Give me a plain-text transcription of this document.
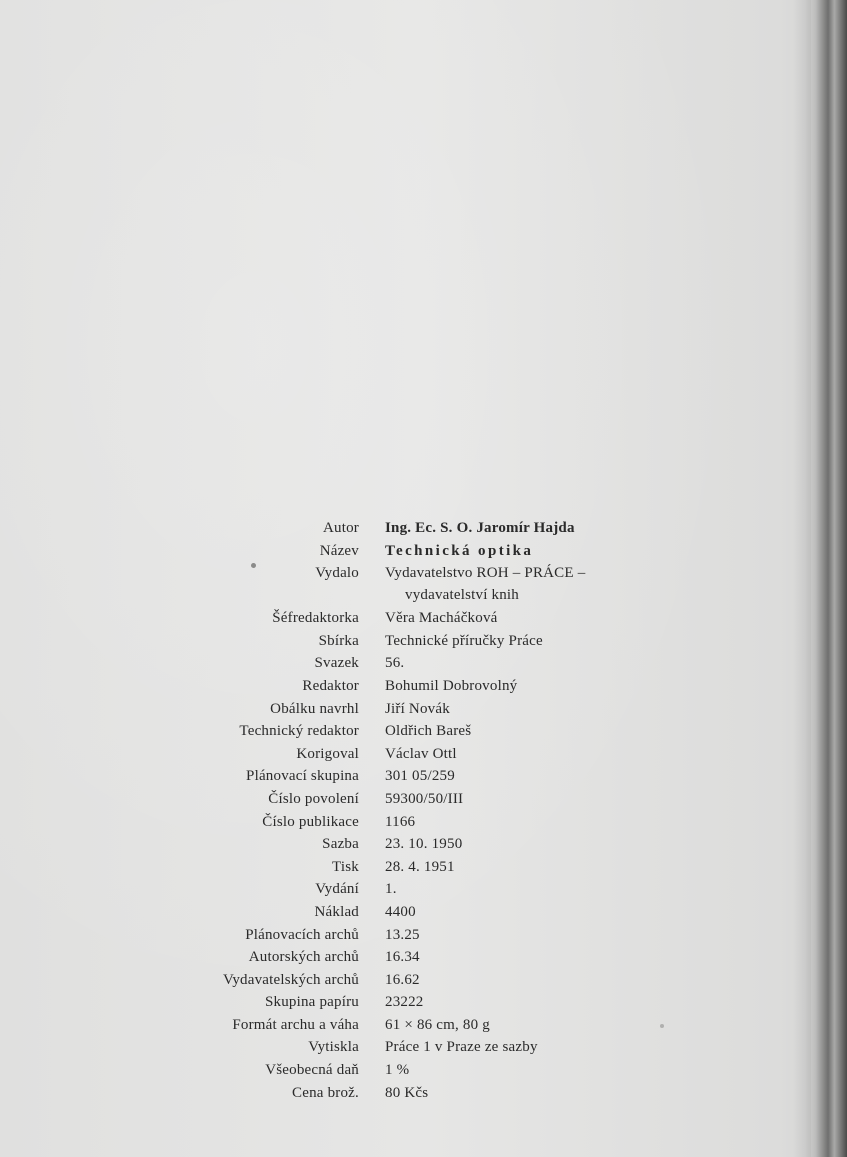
Autor Ing. Ec. S. O. Jaromír Hajda
Název Technická optika
Vydalo Vydavatelstvo ROH – PRÁCE –
vydavatelství knih
Šéfredaktorka Věra Macháčková
Sbírka Technické příručky Práce
Svazek 56.
Redaktor Bohumil Dobrovolný
Obálku navrhl Jiří Novák
Technický redaktor Oldřich Bareš
Korigoval Václav Ottl
Plánovací skupina 301 05/259
Číslo povolení 59300/50/III
Číslo publikace 1166
Sazba 23. 10. 1950
Tisk 28. 4. 1951
Vydání 1.
Náklad 4400
Plánovacích archů 13.25
Autorských archů 16.34
Vydavatelských archů 16.62
Skupina papíru 23222
Formát archu a váha 61 × 86 cm, 80 g
Vytiskla Práce 1 v Praze ze sazby
Všeobecná daň 1 %
Cena brož. 80 Kčs
